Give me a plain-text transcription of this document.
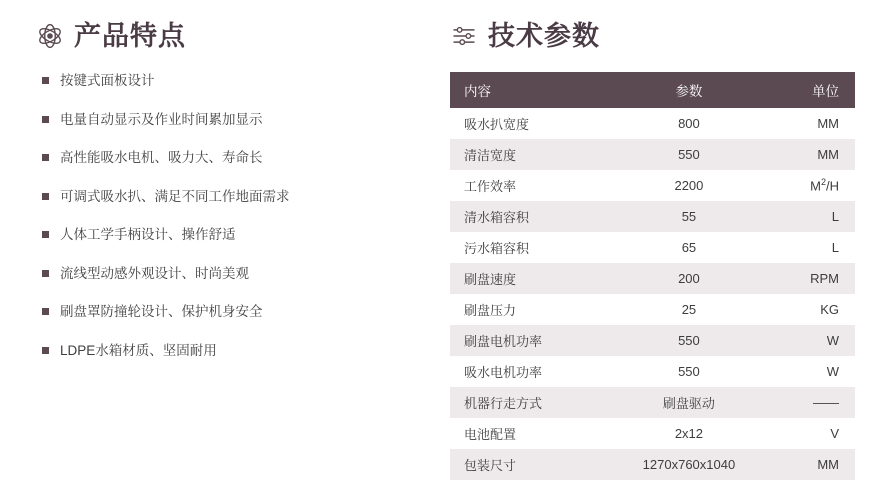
产品特点
按键式面板设计
电量自动显示及作业时间累加显示
高性能吸水电机、吸力大、寿命长
可调式吸水扒、满足不同工作地面需求
人体工学手柄设计、操作舒适
流线型动感外观设计、时尚美观
刷盘罩防撞轮设计、保护机身安全
LDPE水箱材质、坚固耐用
技术参数
内容	参数	单位
吸水扒宽度	800	MM
清洁宽度	550	MM
工作效率	2200	$M^2/H$
清水箱容积	55	L
污水箱容积	65	L
刷盘速度	200	RPM
刷盘压力	25	KG
刷盘电机功率	550	W
吸水电机功率	550	W
机器行走方式	刷盘驱动	——
电池配置	2x12	V
包装尺寸	1270x760x1040	MM
